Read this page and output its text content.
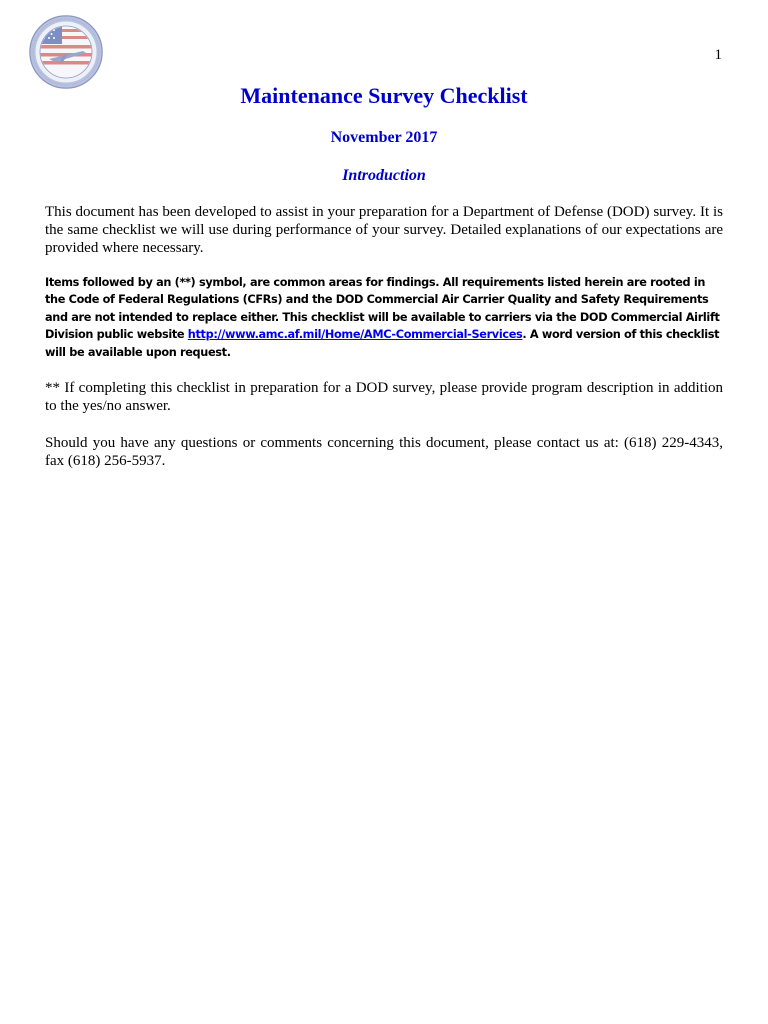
1
Maintenance Survey Checklist
November 2017
Introduction

This document has been developed to assist in your preparation for a Department of Defense (DOD) survey. It is the same checklist we will use during performance of your survey. Detailed explanations of our expectations are provided where necessary.

Items followed by an (**) symbol, are common areas for findings. All requirements listed herein are rooted in the Code of Federal Regulations (CFRs) and the DOD Commercial Air Carrier Quality and Safety Requirements and are not intended to replace either. This checklist will be available to carriers via the DOD Commercial Airlift Division public website http://www.amc.af.mil/Home/AMC-Commercial-Services. A word version of this checklist will be available upon request.

** If completing this checklist in preparation for a DOD survey, please provide program description in addition to the yes/no answer.

Should you have any questions or comments concerning this document, please contact us at: (618) 229-4343, fax (618) 256-5937.
